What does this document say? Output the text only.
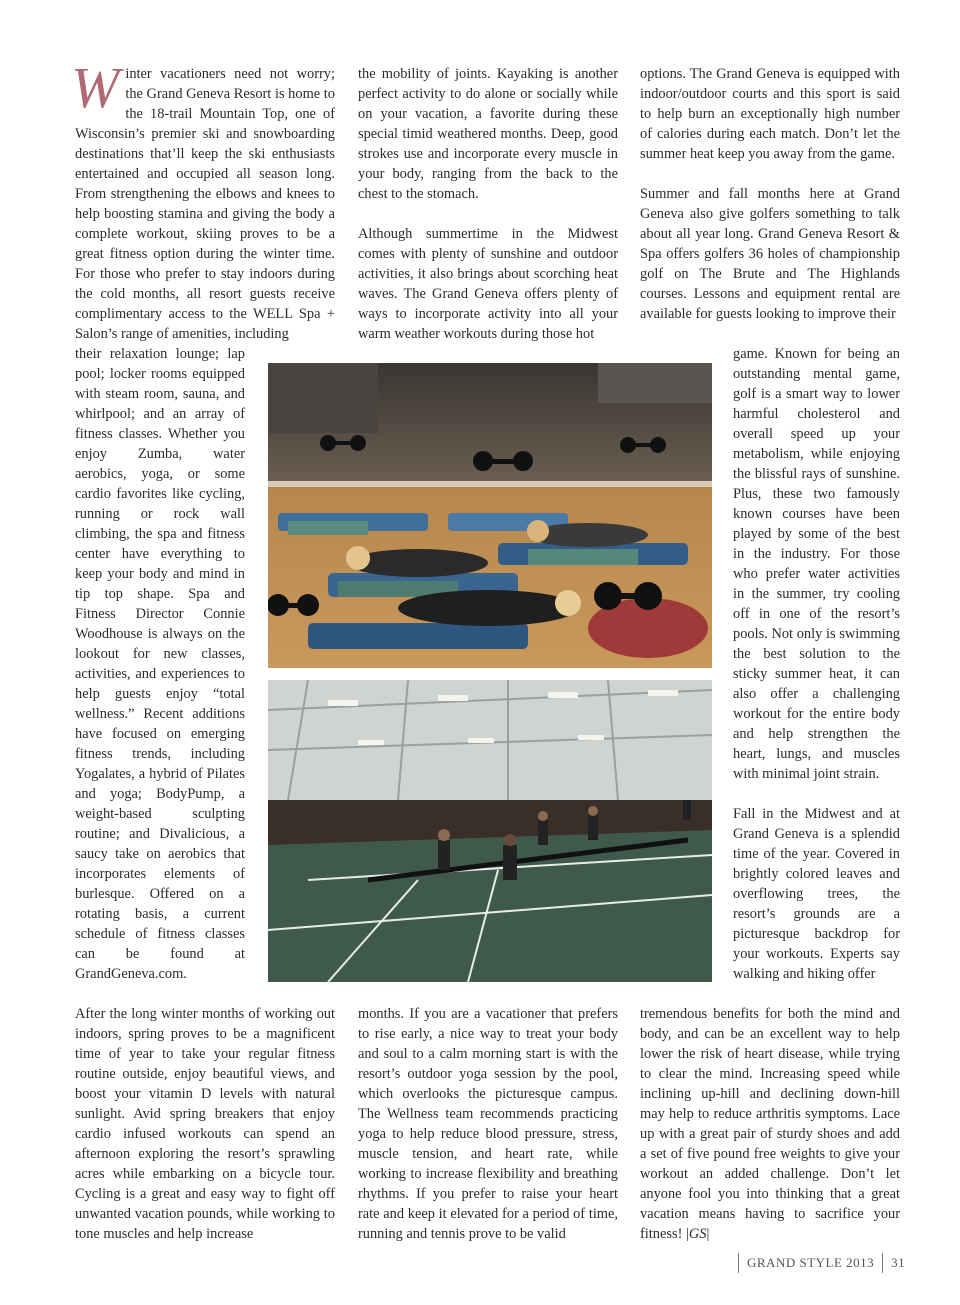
W inter vacationers need not worry; the Grand Geneva Resort is home to the 18-trail Mountain Top, one of Wisconsin’s premier ski and snowboarding destinations that’ll keep the ski enthusiasts entertained and occupied all season long. From strengthening the elbows and knees to help boosting stamina and giving the body a complete workout, skiing proves to be a great fitness option during the winter time. For those who prefer to stay indoors during the cold months, all resort guests receive complimentary access to the WELL Spa + Salon’s range of amenities, including

their relaxation lounge; lap pool; locker rooms equipped with steam room, sauna, and whirlpool; and an array of fitness classes. Whether you enjoy Zumba, water aerobics, yoga, or some cardio favorites like cycling, running or rock wall climbing, the spa and fitness center have everything to keep your body and mind in tip top shape. Spa and Fitness Director Connie Woodhouse is always on the lookout for new classes, activities, and experiences to help guests enjoy “total wellness.” Recent additions have focused on emerging fitness trends, including Yogalates, a hybrid of Pilates and yoga; BodyPump, a weight-based sculpting routine; and Divalicious, a saucy take on aerobics that incorporates elements of burlesque. Offered on a rotating basis, a current schedule of fitness classes can be found at GrandGeneva.com.

After the long winter months of working out indoors, spring proves to be a magnificent time of year to take your regular fitness routine outside, enjoy beautiful views, and boost your vitamin D levels with natural sunlight. Avid spring breakers that enjoy cardio infused workouts can spend an afternoon exploring the resort’s sprawling acres while embarking on a bicycle tour. Cycling is a great and easy way to fight off unwanted vacation pounds, while working to tone muscles and help increase

the mobility of joints. Kayaking is another perfect activity to do alone or socially while on your vacation, a favorite during these special timid weathered months. Deep, good strokes use and incorporate every muscle in your body, ranging from the back to the chest to the stomach.

Although summertime in the Midwest comes with plenty of sunshine and outdoor activities, it also brings about scorching heat waves. The Grand Geneva offers plenty of ways to incorporate activity into all your warm weather workouts during those hot

months. If you are a vacationer that prefers to rise early, a nice way to treat your body and soul to a calm morning start is with the resort’s outdoor yoga session by the pool, which overlooks the picturesque campus. The Wellness team recommends practicing yoga to help reduce blood pressure, stress, muscle tension, and heart rate, while working to increase flexibility and breathing rhythms. If you prefer to raise your heart rate and keep it elevated for a period of time, running and tennis prove to be valid

options. The Grand Geneva is equipped with indoor/outdoor courts and this sport is said to help burn an exceptionally high number of calories during each match. Don’t let the summer heat keep you away from the game.

Summer and fall months here at Grand Geneva also give golfers something to talk about all year long. Grand Geneva Resort & Spa offers golfers 36 holes of championship golf on The Brute and The Highlands courses. Lessons and equipment rental are available for guests looking to improve their

game. Known for being an outstanding mental game, golf is a smart way to lower harmful cholesterol and overall speed up your metabolism, while enjoying the blissful rays of sunshine. Plus, these two famously known courses have been played by some of the best in the industry. For those who prefer water activities in the summer, try cooling off in one of the resort’s pools. Not only is swimming the best solution to the sticky summer heat, it can also offer a challenging workout for the entire body and help strengthen the heart, lungs, and muscles with minimal joint strain.

Fall in the Midwest and at Grand Geneva is a splendid time of the year. Covered in brightly colored leaves and overflowing trees, the resort’s grounds are a picturesque backdrop for your workouts. Experts say walking and hiking offer

tremendous benefits for both the mind and body, and can be an excellent way to help lower the risk of heart disease, while trying to clear the mind. Increasing speed while inclining up-hill and declining down-hill may help to reduce arthritis symptoms. Lace up with a great pair of sturdy shoes and add a set of five pound free weights to give your workout an added challenge. Don’t let anyone fool you into thinking that a great vacation means having to sacrifice your fitness! |GS|
GRAND STYLE 2013 31
